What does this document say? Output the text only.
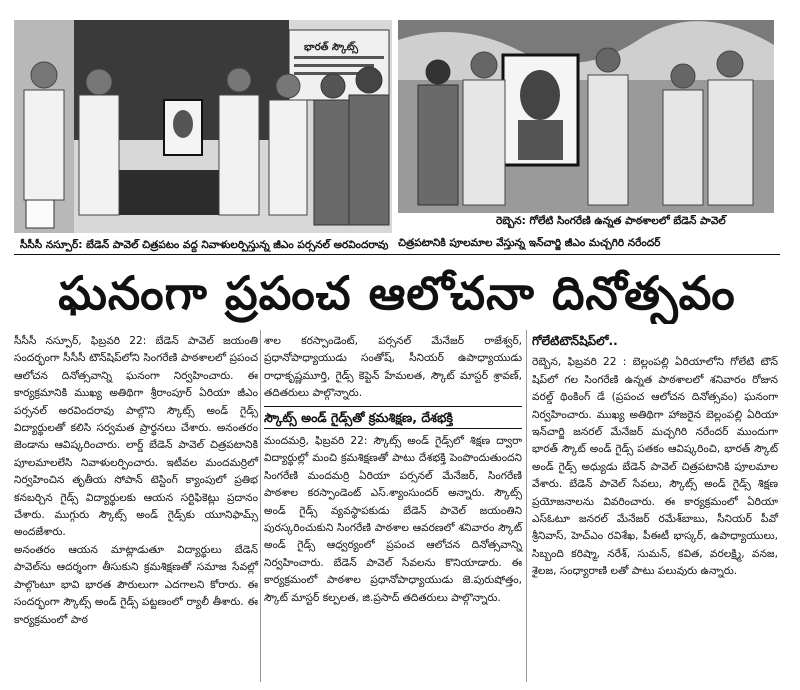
భారత్ స్కౌట్స్
రెబ్బెన: గోలేటి సింగరేణి ఉన్నత పాఠశాలలో బేడెన్ పావెల్
సీసీసీ నస్పూర్: బేడెన్ పావెల్ చిత్రపటం వద్ద నివాళులర్పిస్తున్న జీఎం పర్సనల్ అరవిందరావు చిత్రపటానికి పూలమాల వేస్తున్న ఇన్‌చార్జి జీఎం మచ్చగిరి నరేందర్
ఘనంగా ప్రపంచ ఆలోచనా దినోత్సవం

సీసీసీ నస్పూర్, ఫిబ్రవరి 22: బేడెన్ పావెల్ జయంతి సందర్భంగా సీసీసీ టౌన్‌షిప్‌లోని సింగరేణి పాఠశాలలో ప్రపంచ ఆలోచన దినోత్సవాన్ని ఘనంగా నిర్వహించారు. ఈ కార్యక్రమానికి ముఖ్య అతిథిగా శ్రీరాంపూర్ ఏరియా జీఎం పర్సనల్ అరవిందరావు పాల్గొని స్కౌట్స్ అండ్ గైడ్స్ విద్యార్థులతో కలిసి సర్వమత ప్రార్థనలు చేశారు. అనంతరం జెండాను ఆవిష్కరించారు. లార్డ్ బేడెన్ పావెల్ చిత్రపటానికి పూలమాలలేసి నివాళులర్పించారు. ఇటీవల మందమర్రిలో నిర్వహించిన తృతీయ సోపాన్ టెస్టింగ్ క్యాంపులో ప్రతిభ కనబర్చిన గైడ్స్ విద్యార్థులకు ఆయన సర్టిఫికెట్లు ప్రదానం చేశారు. ముగ్గురు స్కౌట్స్ అండ్ గైడ్స్‌కు యూనిఫామ్స్ అందజేశారు.

అనంతరం ఆయన మాట్లాడుతూ విద్యార్థులు బేడెన్ పావెల్‌ను ఆదర్శంగా తీసుకుని క్రమశిక్షణతో సమాజ సేవల్లో పాల్గొంటూ భావి భారత పౌరులుగా ఎదగాలని కోరారు. ఈ సందర్భంగా స్కౌట్స్ అండ్ గైడ్స్ పట్టణంలో ర్యాలీ తీశారు. ఈ కార్యక్రమంలో పాఠ

శాల కరస్పాండెంట్, పర్సనల్ మేనేజర్ రాజేశ్వర్, ప్రధానోపాధ్యాయుడు సంతోష్, సీనియర్ ఉపాధ్యాయుడు రాధాకృష్ణమూర్తి, గైడ్స్ కెప్టెన్ హేమలత, స్కౌట్ మాస్టర్ శ్రావణ్, తదితరులు పాల్గొన్నారు.

స్కౌట్స్ అండ్ గైడ్స్‌తో క్రమశిక్షణ, దేశభక్తి

మందమర్రి, ఫిబ్రవరి 22: స్కౌట్స్ అండ్ గైడ్స్‌లో శిక్షణ ద్వారా విద్యార్థుల్లో మంచి క్రమశిక్షణతో పాటు దేశభక్తి పెంపొందుతుందని సింగరేణి మందమర్రి ఏరియా పర్సనల్ మేనేజర్, సింగరేణి పాఠశాల కరస్పాండెంట్ ఎస్.శ్యాంసుందర్ అన్నారు. స్కౌట్స్ అండ్ గైడ్స్ వ్యవస్థాపకుడు బేడెన్ పావెల్ జయంతిని పురస్కరించుకుని సింగరేణి పాఠశాల ఆవరణలో శనివారం స్కౌట్ అండ్ గైడ్స్ ఆధ్వర్యంలో ప్రపంచ ఆలోచన దినోత్సవాన్ని నిర్వహించారు. బేడెన్ పావెల్ సేవలను కొనియాడారు. ఈ కార్యక్రమంలో పాఠశాల ప్రధానోపాధ్యాయుడు జె.పురుషోత్తం, స్కౌట్ మాస్టర్ కల్పలత, జి.ప్రసాద్ తదితరులు పాల్గొన్నారు.

గోలేటిటౌన్‌షిప్‌లో..

రెబ్బెన, ఫిబ్రవరి 22 : బెల్లంపల్లి ఏరియాలోని గోలేటి టౌన్ షిప్‌లో గల సింగరేణి ఉన్నత పాఠశాలలో శనివారం రోజున వరల్డ్ థింకింగ్ డే (ప్రపంచ ఆలోచన దినోత్సవం) ఘనంగా నిర్వహించారు. ముఖ్య అతిథిగా హాజరైన బెల్లంపల్లి ఏరియా ఇన్‌చార్జి జనరల్ మేనేజర్ మచ్చగిరి నరేందర్ ముందుగా భారత్ స్కౌట్ అండ్ గైడ్స్ పతకం ఆవిష్కరించి, భారత్ స్కౌట్ అండ్ గైడ్స్ అధ్యుడు బేడెన్ పావెల్ చిత్రపటానికి పూలమాల వేశారు. బేడెన్ పావెల్ సేవలు, స్కౌట్స్ అండ్ గైడ్స్ శిక్షణ ప్రయోజనాలను వివరించారు. ఈ కార్యక్రమంలో ఏరియా ఎస్‌ఓటూ జనరల్ మేనేజర్ రమేశ్‌బాబు, సీనియర్ పీవో శ్రీనివాస్, హెచ్ఎం రవిశేఖ, పీఈటీ భాస్కర్, ఉపాధ్యాయులు, సిబ్బంది కరిష్మా, నరేశ్, సుమన్, కవిత, వరలక్ష్మి, వనజ, శైలజ, సంధ్యారాణి లతో పాటు పలువురు ఉన్నారు.
